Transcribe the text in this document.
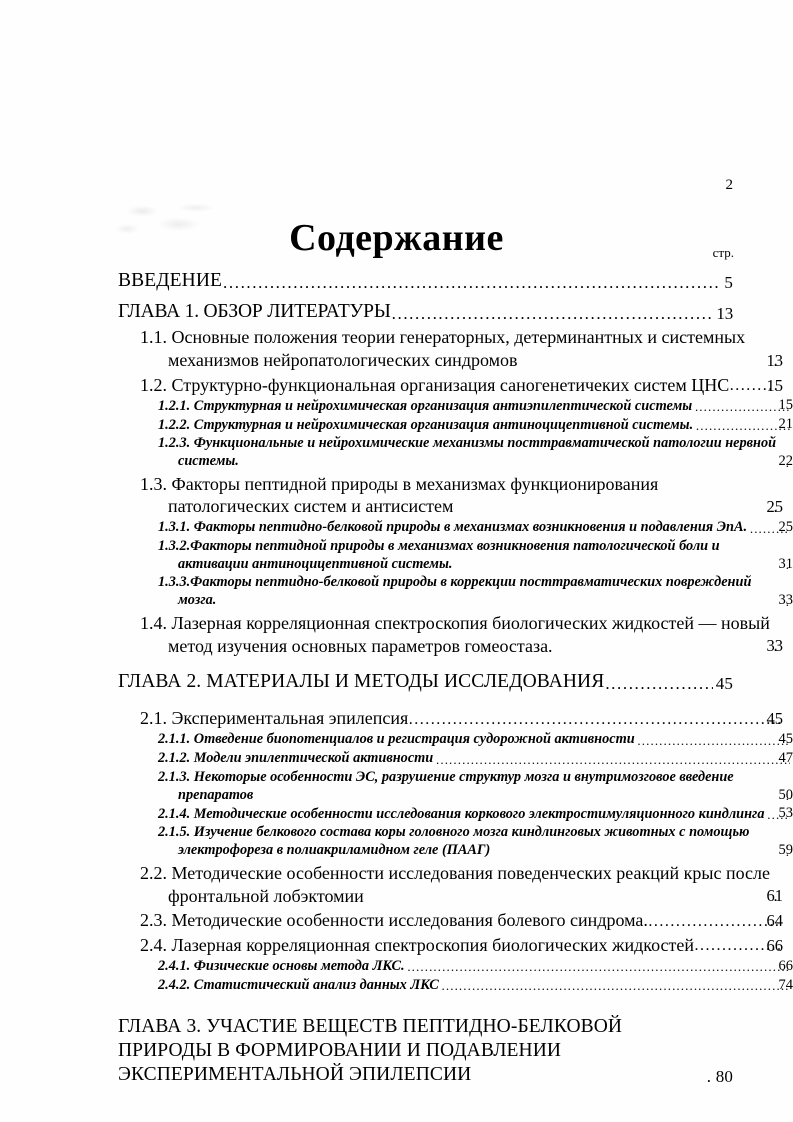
2
Содержание	стр.
ВВЕДЕНИЕ .....	5
ГЛАВА 1. ОБЗОР ЛИТЕРАТУРЫ .....	13
1.1. Основные положения теории генераторных, детерминантных и системных механизмов нейропатологических синдромов .....	13
1.2. Структурно-функциональная организация саногенетичеких систем ЦНС ..... 15
1.2.1. Структурная и нейрохимическая организация антиэпилептической системы .....	15
1.2.2. Структурная и нейрохимическая организация антиноцицептивной системы. .....	21
1.2.3. Функциональные и нейрохимические механизмы посттравматической патологии нервной системы. .....	22
1.3. Факторы пептидной природы в механизмах функционирования патологических систем и антисистем .....	25
1.3.1. Факторы пептидно-белковой природы в механизмах возникновения и подавления ЭпА. ..... 25
1.3.2.Факторы пептидной природы в механизмах возникновения патологической боли и активации антиноцицептивной системы. .....	31
1.3.3.Факторы пептидно-белковой природы в коррекции посттравматических повреждений мозга. .....	33
1.4. Лазерная корреляционная спектроскопия биологических жидкостей — новый метод изучения основных параметров гомеостаза. .....	33
ГЛАВА 2. МАТЕРИАЛЫ И МЕТОДЫ ИССЛЕДОВАНИЯ .....	45
2.1. Экспериментальная эпилепсия .....	45
2.1.1. Отведение биопотенциалов и регистрация судорожной активности .....	45
2.1.2. Модели эпилептической активности .....	47
2.1.3. Некоторые особенности ЭС, разрушение структур мозга и внутримозговое введение препаратов .....	50
2.1.4. Методические особенности исследования коркового электростимуляционного киндлинга ..... 53
2.1.5. Изучение белкового состава коры головного мозга киндлинговых животных с помощью электрофореза в полиакриламидном геле (ПААГ) .....	59
2.2. Методические особенности исследования поведенческих реакций крыс после фронтальной лобэктомии .....	61
2.3. Методические особенности исследования болевого синдрома. .....	64
2.4. Лазерная корреляционная спектроскопия биологических жидкостей .....	66
2.4.1. Физические основы метода ЛКС. .....	66
2.4.2. Статистический анализ данных ЛКС .....	74
ГЛАВА 3. УЧАСТИЕ ВЕЩЕСТВ ПЕПТИДНО-БЕЛКОВОЙ ПРИРОДЫ В ФОРМИРОВАНИИ И ПОДАВЛЕНИИ ЭКСПЕРИМЕНТАЛЬНОЙ ЭПИЛЕПСИИ .....	80
